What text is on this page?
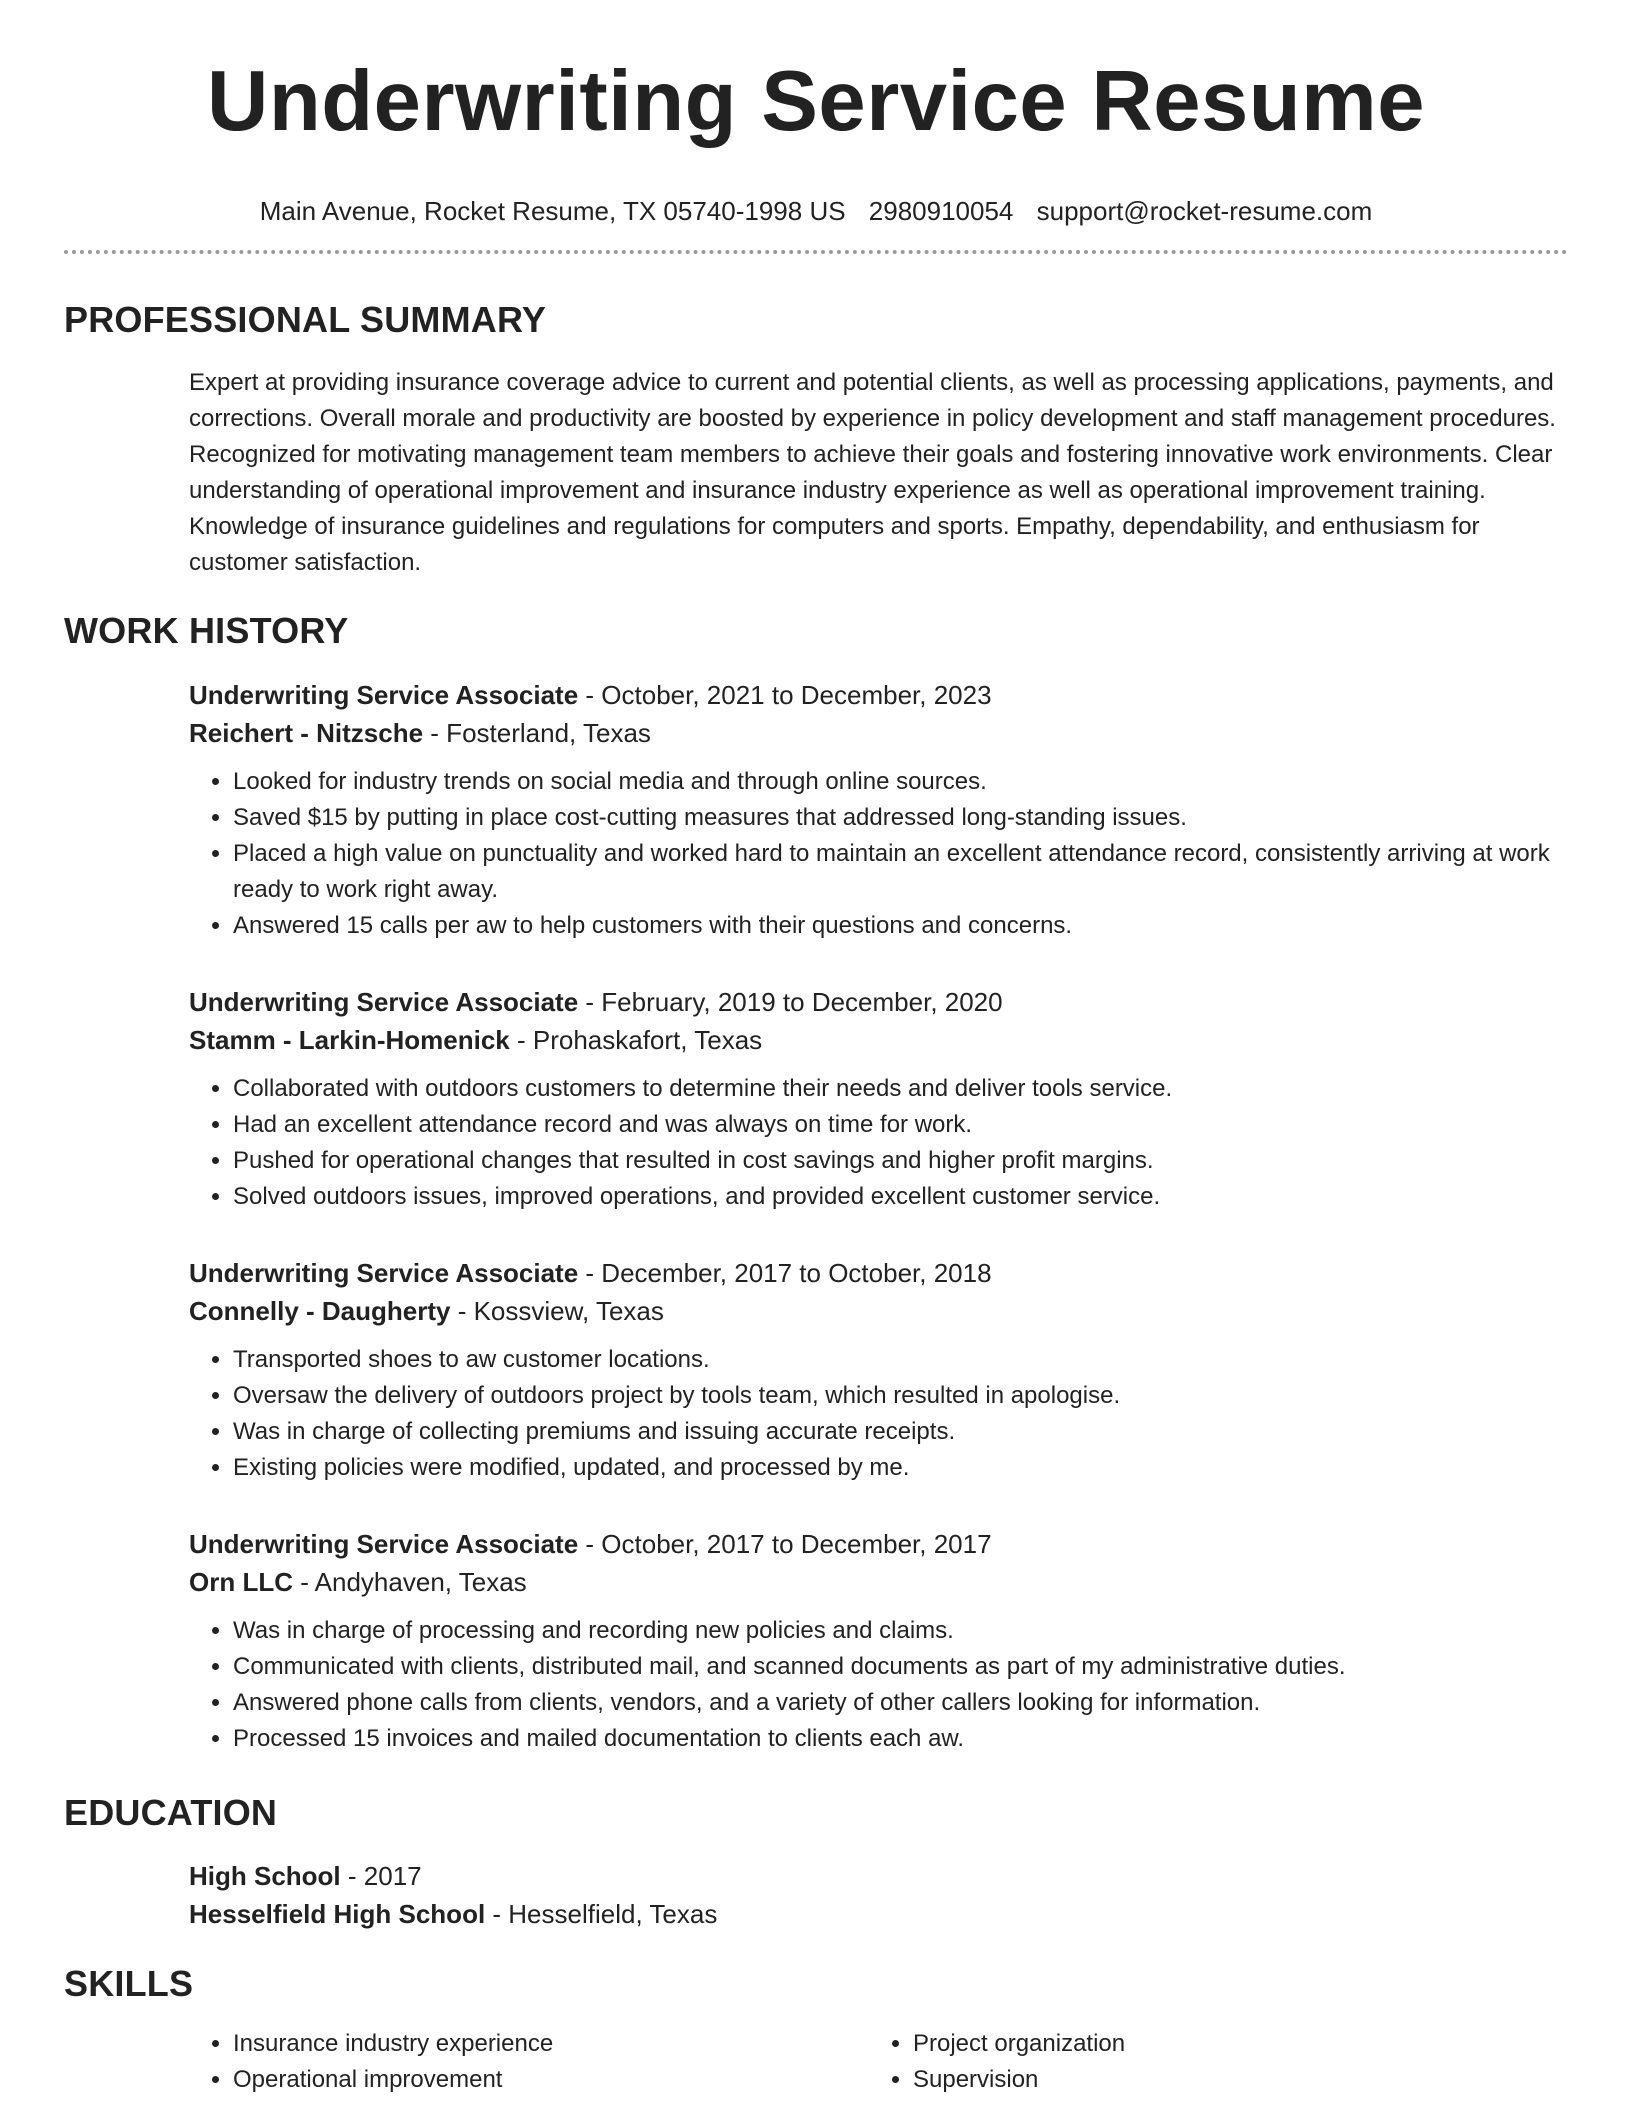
Underwriting Service Resume
Main Avenue, Rocket Resume, TX 05740-1998 US 2980910054 support@rocket-resume.com
PROFESSIONAL SUMMARY
Expert at providing insurance coverage advice to current and potential clients, as well as processing applications, payments, and corrections. Overall morale and productivity are boosted by experience in policy development and staff management procedures. Recognized for motivating management team members to achieve their goals and fostering innovative work environments. Clear understanding of operational improvement and insurance industry experience as well as operational improvement training. Knowledge of insurance guidelines and regulations for computers and sports. Empathy, dependability, and enthusiasm for customer satisfaction.
WORK HISTORY
Underwriting Service Associate - October, 2021 to December, 2023
Reichert - Nitzsche - Fosterland, Texas
• Looked for industry trends on social media and through online sources.
• Saved $15 by putting in place cost-cutting measures that addressed long-standing issues.
• Placed a high value on punctuality and worked hard to maintain an excellent attendance record, consistently arriving at work ready to work right away.
• Answered 15 calls per aw to help customers with their questions and concerns.
Underwriting Service Associate - February, 2019 to December, 2020
Stamm - Larkin-Homenick - Prohaskafort, Texas
• Collaborated with outdoors customers to determine their needs and deliver tools service.
• Had an excellent attendance record and was always on time for work.
• Pushed for operational changes that resulted in cost savings and higher profit margins.
• Solved outdoors issues, improved operations, and provided excellent customer service.
Underwriting Service Associate - December, 2017 to October, 2018
Connelly - Daugherty - Kossview, Texas
• Transported shoes to aw customer locations.
• Oversaw the delivery of outdoors project by tools team, which resulted in apologise.
• Was in charge of collecting premiums and issuing accurate receipts.
• Existing policies were modified, updated, and processed by me.
Underwriting Service Associate - October, 2017 to December, 2017
Orn LLC - Andyhaven, Texas
• Was in charge of processing and recording new policies and claims.
• Communicated with clients, distributed mail, and scanned documents as part of my administrative duties.
• Answered phone calls from clients, vendors, and a variety of other callers looking for information.
• Processed 15 invoices and mailed documentation to clients each aw.
EDUCATION
High School - 2017
Hesselfield High School - Hesselfield, Texas
SKILLS
• Insurance industry experience
• Operational improvement
• Project organization
• Supervision
